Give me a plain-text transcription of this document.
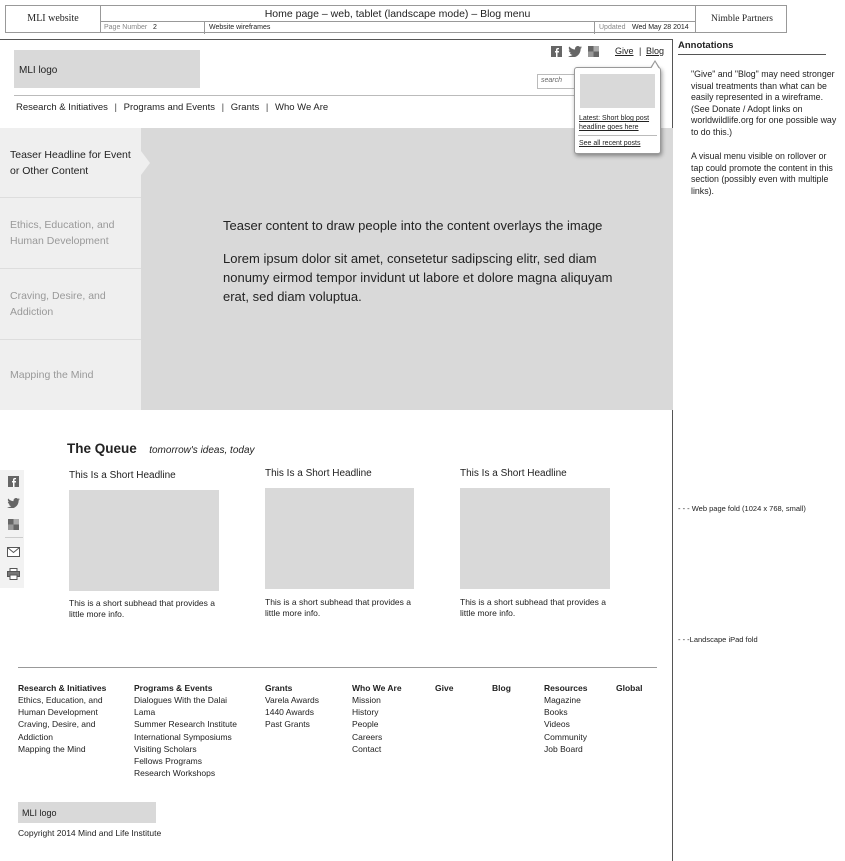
MLI website	Home page – web, tablet (landscape mode) – Blog menu
Page Number 2	Website wireframes	Updated Wed May 28 2014
Nimble Partners
MLI logo
Give | Blog
search
Research & Initiatives | Programs and Events | Grants | Who We Are
Teaser Headline for Event or Other Content
Ethics, Education, and Human Development
Craving, Desire, and Addiction
Mapping the Mind
Teaser content to draw people into the content overlays the image
Lorem ipsum dolor sit amet, consetetur sadipscing elitr, sed diam nonumy eirmod tempor invidunt ut labore et dolore magna aliquyam erat, sed diam voluptua.
Latest: Short blog post headline goes here
See all recent posts
The Queue tomorrow's ideas, today
This Is a Short Headline
This is a short subhead that provides a little more info.
This Is a Short Headline
This is a short subhead that provides a little more info.
This Is a Short Headline
This is a short subhead that provides a little more info.
Research & Initiatives
Ethics, Education, and
Human Development
Craving, Desire, and
Addiction
Mapping the Mind
Programs & Events
Dialogues With the Dalai
Lama
Summer Research Institute
International Symposiums
Visiting Scholars
Fellows Programs
Research Workshops
Grants
Varela Awards
1440 Awards
Past Grants
Who We Are
Mission
History
People
Careers
Contact
Give	Blog	Resources
Magazine
Books
Videos
Community
Job Board
Global
MLI logo
Copyright 2014 Mind and Life Institute
Annotations
"Give" and "Blog" may need stronger visual treatments than what can be easily represented in a wireframe. (See Donate / Adopt links on worldwildlife.org for one possible way to do this.)
A visual menu visible on rollover or tap could promote the content in this section (possibly even with multiple links).
- - - Web page fold (1024 x 768, small)
- - -Landscape iPad fold
